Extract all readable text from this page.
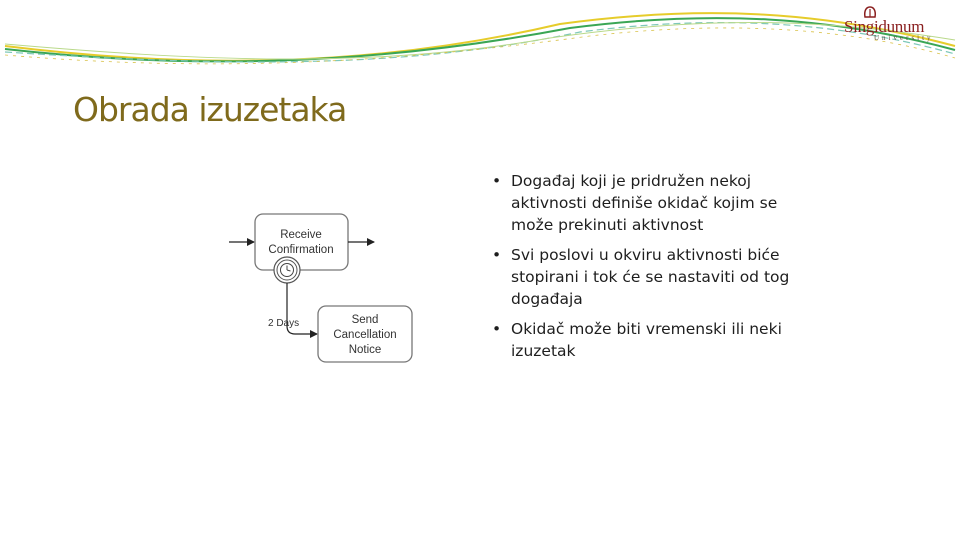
Singidunum
University
Obrada izuzetaka
Receive
Confirmation
2 Days	Send
Cancellation
Notice
• Događaj koji je pridružen nekoj aktivnosti definiše okidač kojim se može prekinuti aktivnost
• Svi poslovi u okviru aktivnosti biće stopirani i tok će se nastaviti od tog događaja
• Okidač može biti vremenski ili neki izuzetak
